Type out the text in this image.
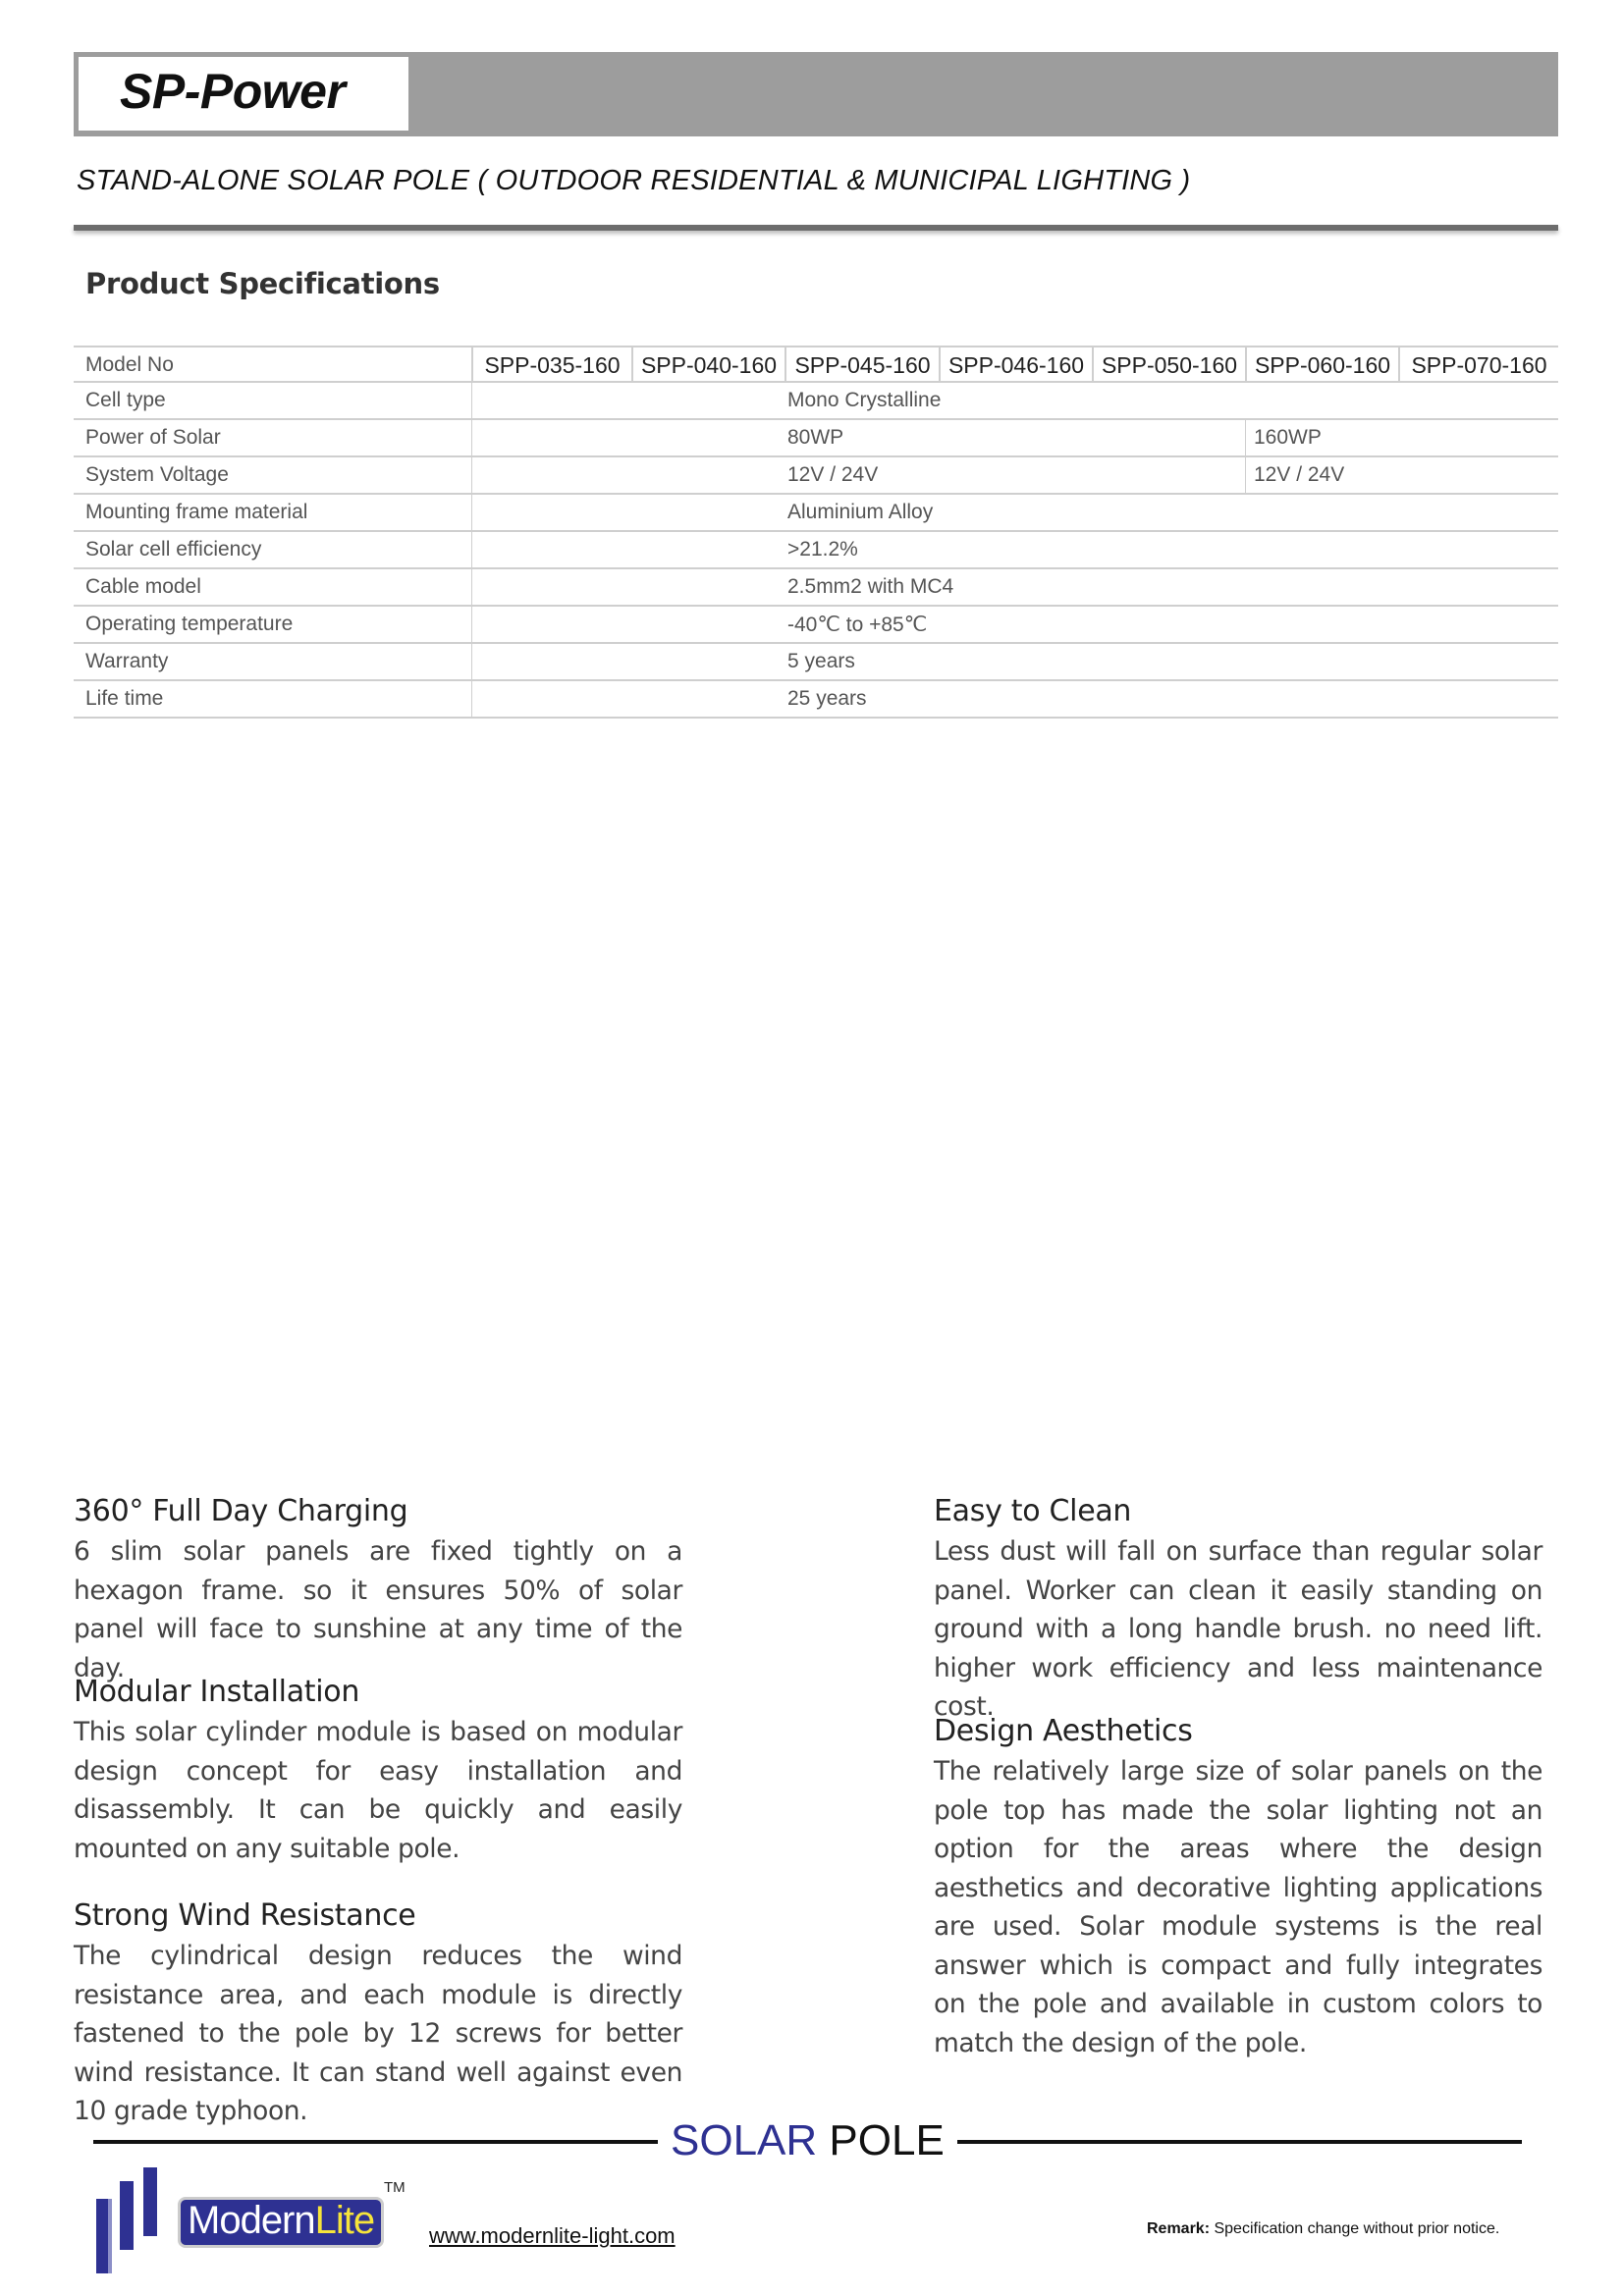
SP-Power
STAND-ALONE SOLAR POLE ( OUTDOOR RESIDENTIAL & MUNICIPAL LIGHTING )
Product Specifications
Model No	SPP-035-160 SPP-040-160 SPP-045-160 SPP-046-160 SPP-050-160 SPP-060-160 SPP-070-160
Cell type	Mono Crystalline
Power of Solar	80WP	160WP
System Voltage	12V / 24V	12V / 24V
Mounting frame material	Aluminium Alloy
Solar cell efficiency	>21.2%
Cable model	2.5mm2 with MC4
Operating temperature	-40℃ to +85℃
Warranty	5 years
Life time	25 years
360° Full Day Charging

6 slim solar panels are fixed tightly on a hexagon frame. so it ensures 50% of solar panel will face to sunshine at any time of the day.

Modular Installation

This solar cylinder module is based on modular design concept for easy installation and disassembly. It can be quickly and easily mounted on any suitable pole.

Strong Wind Resistance

The cylindrical design reduces the wind resistance area, and each module is directly fastened to the pole by 12 screws for better wind resistance. It can stand well against even 10 grade typhoon.

Easy to Clean

Less dust will fall on surface than regular solar panel. Worker can clean it easily standing on ground with a long handle brush. no need lift. higher work efficiency and less maintenance cost.

Design Aesthetics

The relatively large size of solar panels on the pole top has made the solar lighting not an option for the areas where the design aesthetics and decorative lighting applications are used. Solar module systems is the real answer which is compact and fully integrates on the pole and available in custom colors to match the design of the pole.

SOLAR POLE
ModernLite
TM
www.modernlite-light.com	Remark: Specification change without prior notice.
